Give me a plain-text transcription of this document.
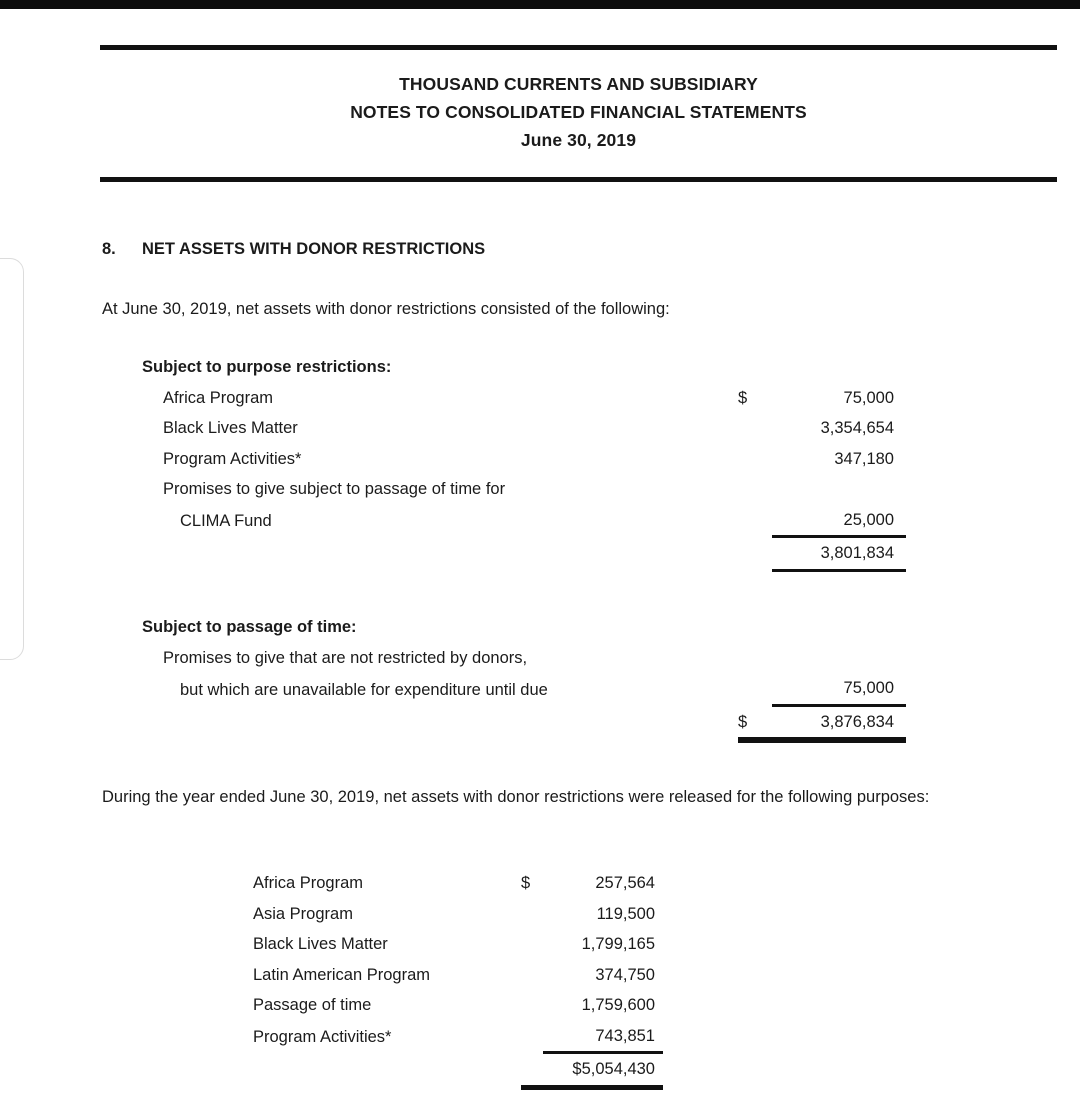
THOUSAND CURRENTS AND SUBSIDIARY
NOTES TO CONSOLIDATED FINANCIAL STATEMENTS
June 30, 2019
8. NET ASSETS WITH DONOR RESTRICTIONS
At June 30, 2019, net assets with donor restrictions consisted of the following:
Subject to purpose restrictions:		
Africa Program	$	75,000
Black Lives Matter		3,354,654
Program Activities*		347,180
Promises to give subject to passage of time for		
CLIMA Fund		25,000

		3,801,834
Subject to passage of time:		
Promises to give that are not restricted by donors,		
but which are unavailable for expenditure until due		75,000

	$	3,876,834
During the year ended June 30, 2019, net assets with donor restrictions were released for the following purposes:
Africa Program	$	257,564
Asia Program		119,500
Black Lives Matter		1,799,165
Latin American Program		374,750
Passage of time		1,759,600
Program Activities*		743,851

		$5,054,430
